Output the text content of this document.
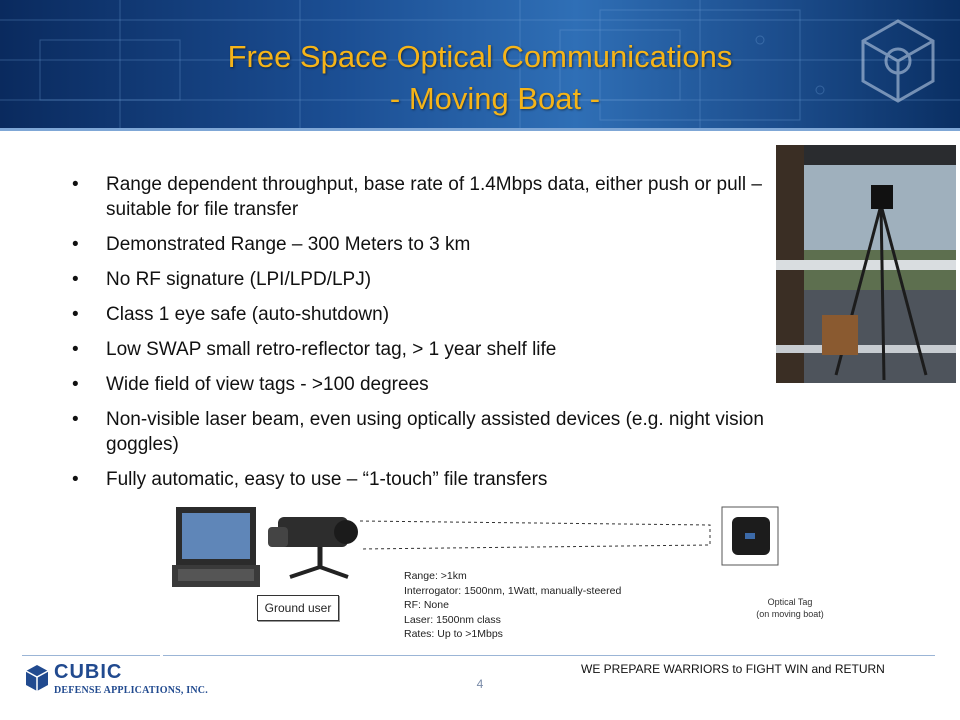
Free Space Optical Communications
- Moving Boat -
• Range dependent throughput, base rate of 1.4Mbps data, either push or pull – suitable for file transfer
• Demonstrated Range – 300 Meters to 3 km
• No RF signature (LPI/LPD/LPJ)
• Class 1 eye safe (auto-shutdown)
• Low SWAP small retro-reflector tag, > 1 year shelf life
• Wide field of view tags - >100 degrees
• Non-visible laser beam, even using optically assisted devices (e.g. night vision goggles)
• Fully automatic, easy to use – “1-touch” file transfers
Ground user
Range: >1km
Interrogator: 1500nm, 1Watt, manually-steered
RF: None
Laser: 1500nm class
Rates: Up to >1Mbps
Optical Tag
(on moving boat)
CUBIC
DEFENSE APPLICATIONS, INC.
WE PREPARE WARRIORS to FIGHT WIN and RETURN
4
